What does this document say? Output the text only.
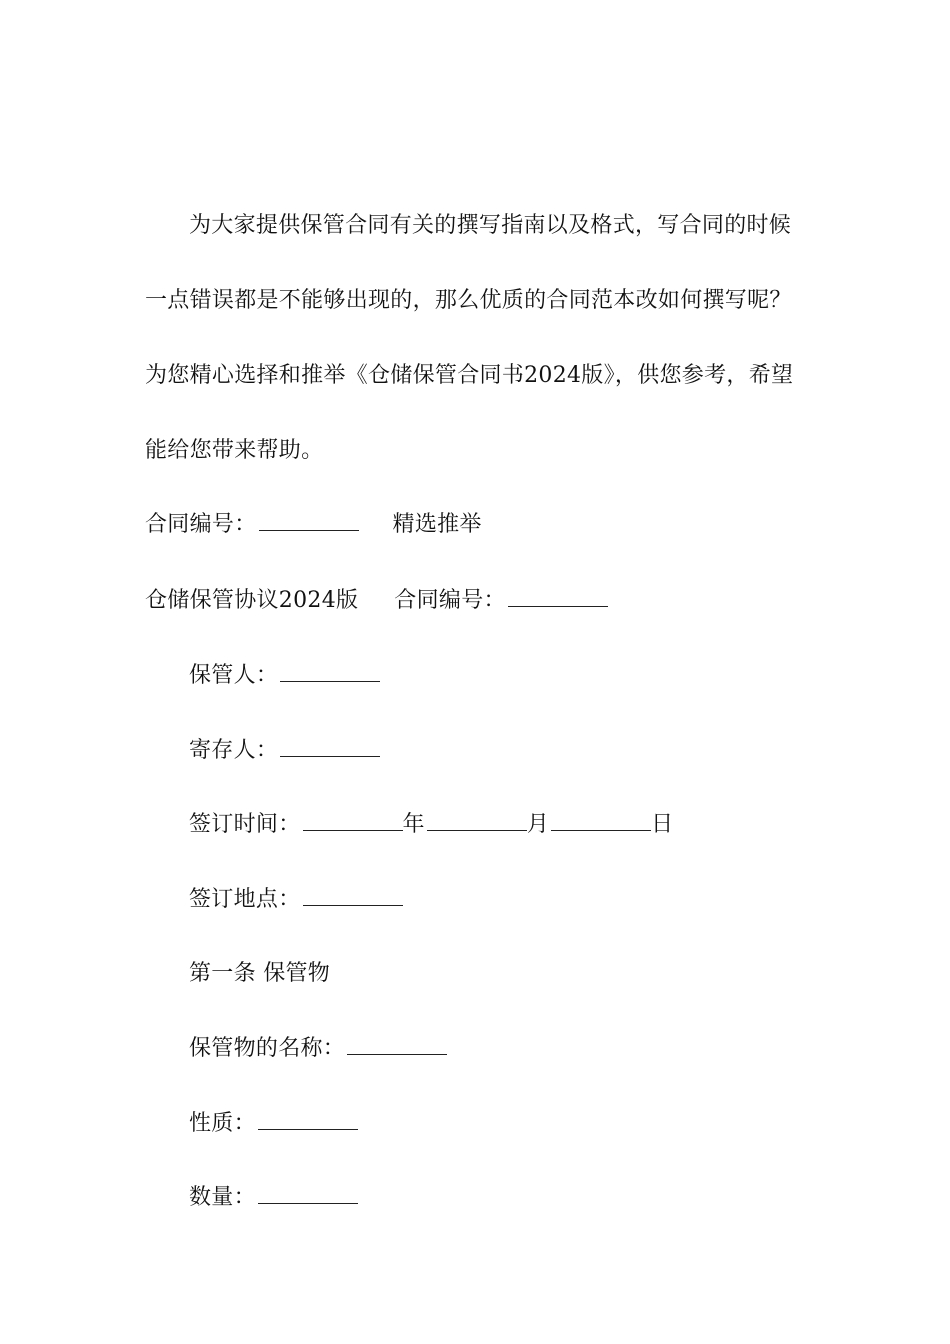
为大家提供保管合同有关的撰写指南以及格式，写合同的时候
一点错误都是不能够出现的，那么优质的合同范本改如何撰写呢？
为您精心选择和推举《仓储保管合同书2024版》，供您参考，希望
能给您带来帮助。
合同编号：	精选推举
仓储保管协议2024版 合同编号：
保管人：
寄存人：
签订时间：	年	月	日
签订地点：
第一条 保管物
保管物的名称：
性质：
数量：
